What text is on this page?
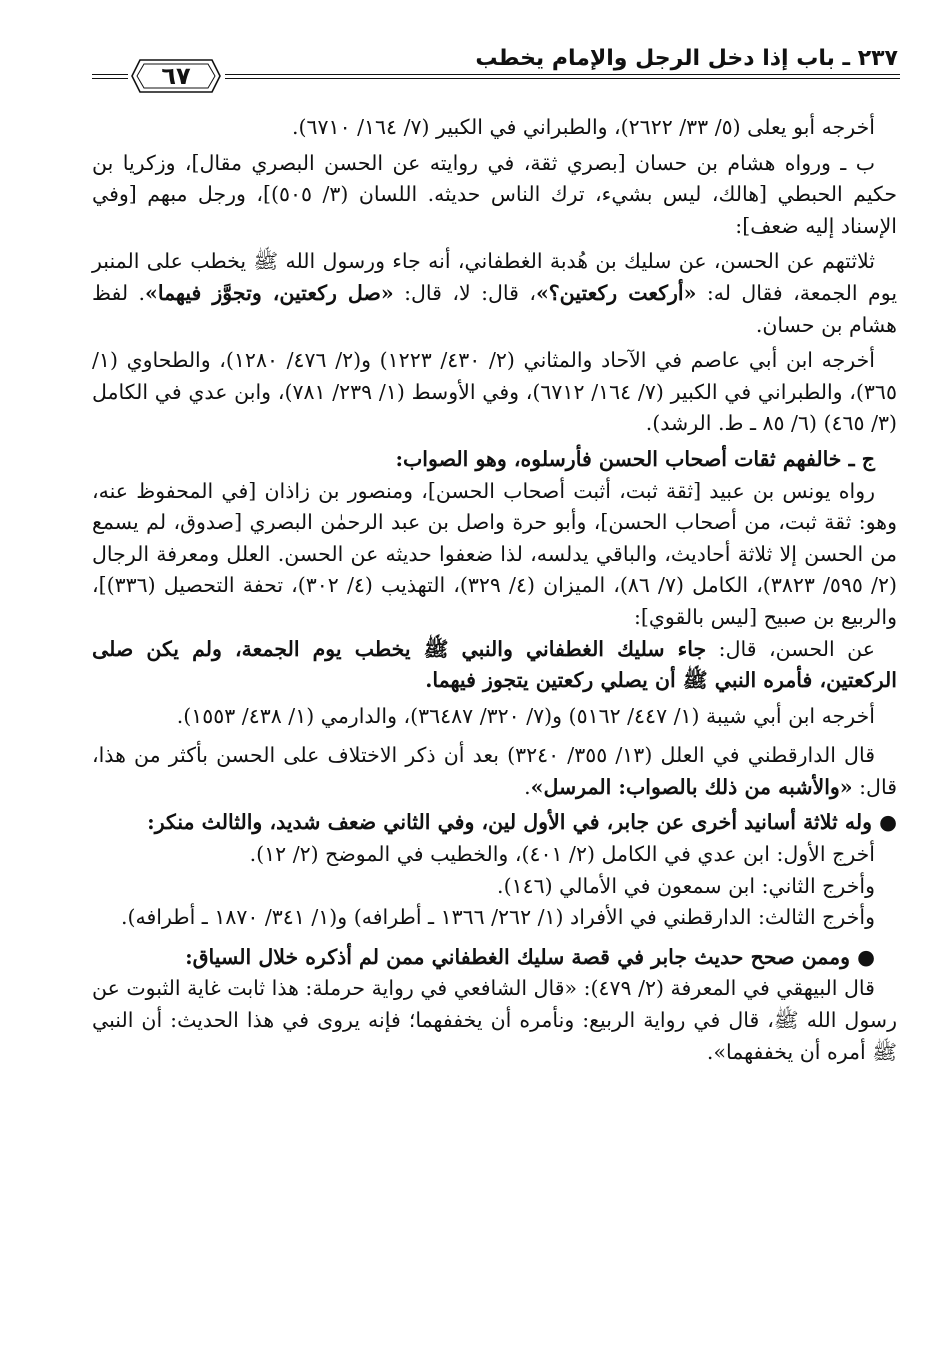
٢٣٧ ـ باب إذا دخل الرجل والإمام يخطب
٦٧

أخرجه أبو يعلى (٥/ ٣٣/ ٢٦٢٢)، والطبراني في الكبير (٧/ ١٦٤/ ٦٧١٠).

ب ـ ورواه هشام بن حسان [بصري ثقة، في روايته عن الحسن البصري مقال]، وزكريا بن حكيم الحبطي [هالك، ليس بشيء، ترك الناس حديثه. اللسان (٣/ ٥٠٥)]، ورجل مبهم [وفي الإسناد إليه ضعف]:

ثلاثتهم عن الحسن، عن سليك بن هُدبة الغطفاني، أنه جاء ورسول الله ﷺ يخطب على المنبر يوم الجمعة، فقال له: «أركعت ركعتين؟»، قال: لا، قال: «صل ركعتين، وتجوَّز فيهما». لفظ هشام بن حسان.

أخرجه ابن أبي عاصم في الآحاد والمثاني (٢/ ٤٣٠/ ١٢٢٣) و(٢/ ٤٧٦/ ١٢٨٠)، والطحاوي (١/ ٣٦٥)، والطبراني في الكبير (٧/ ١٦٤/ ٦٧١٢)، وفي الأوسط (١/ ٢٣٩/ ٧٨١)، وابن عدي في الكامل (٣/ ٤٦٥) (٦/ ٨٥ ـ ط. الرشد).

ج ـ خالفهم ثقات أصحاب الحسن فأرسلوه، وهو الصواب:

رواه يونس بن عبيد [ثقة ثبت، أثبت أصحاب الحسن]، ومنصور بن زاذان [في المحفوظ عنه، وهو: ثقة ثبت، من أصحاب الحسن]، وأبو حرة واصل بن عبد الرحمٰن البصري [صدوق، لم يسمع من الحسن إلا ثلاثة أحاديث، والباقي يدلسه، لذا ضعفوا حديثه عن الحسن. العلل ومعرفة الرجال (٢/ ٥٩٥/ ٣٨٢٣)، الكامل (٧/ ٨٦)، الميزان (٤/ ٣٢٩)، التهذيب (٤/ ٣٠٢)، تحفة التحصيل (٣٣٦)]، والربيع بن صبيح [ليس بالقوي]:

عن الحسن، قال: جاء سليك الغطفاني والنبي ﷺ يخطب يوم الجمعة، ولم يكن صلى الركعتين، فأمره النبي ﷺ أن يصلي ركعتين يتجوز فيهما.

أخرجه ابن أبي شيبة (١/ ٤٤٧/ ٥١٦٢) و(٧/ ٣٢٠/ ٣٦٤٨٧)، والدارمي (١/ ٤٣٨/ ١٥٥٣).

قال الدارقطني في العلل (١٣/ ٣٥٥/ ٣٢٤٠) بعد أن ذكر الاختلاف على الحسن بأكثر من هذا، قال: «والأشبه من ذلك بالصواب: المرسل».

● وله ثلاثة أسانيد أخرى عن جابر، في الأول لين، وفي الثاني ضعف شديد، والثالث منكر:

أخرج الأول: ابن عدي في الكامل (٢/ ٤٠١)، والخطيب في الموضح (٢/ ١٢).

وأخرج الثاني: ابن سمعون في الأمالي (١٤٦).

وأخرج الثالث: الدارقطني في الأفراد (١/ ٢٦٢/ ١٣٦٦ ـ أطرافه) و(١/ ٣٤١/ ١٨٧٠ ـ أطرافه).

● وممن صحح حديث جابر في قصة سليك الغطفاني ممن لم أذكره خلال السياق:

قال البيهقي في المعرفة (٢/ ٤٧٩): «قال الشافعي في رواية حرملة: هذا ثابت غاية الثبوت عن رسول الله ﷺ، قال في رواية الربيع: ونأمره أن يخففهما؛ فإنه يروى في هذا الحديث: أن النبي ﷺ أمره أن يخففهما».
